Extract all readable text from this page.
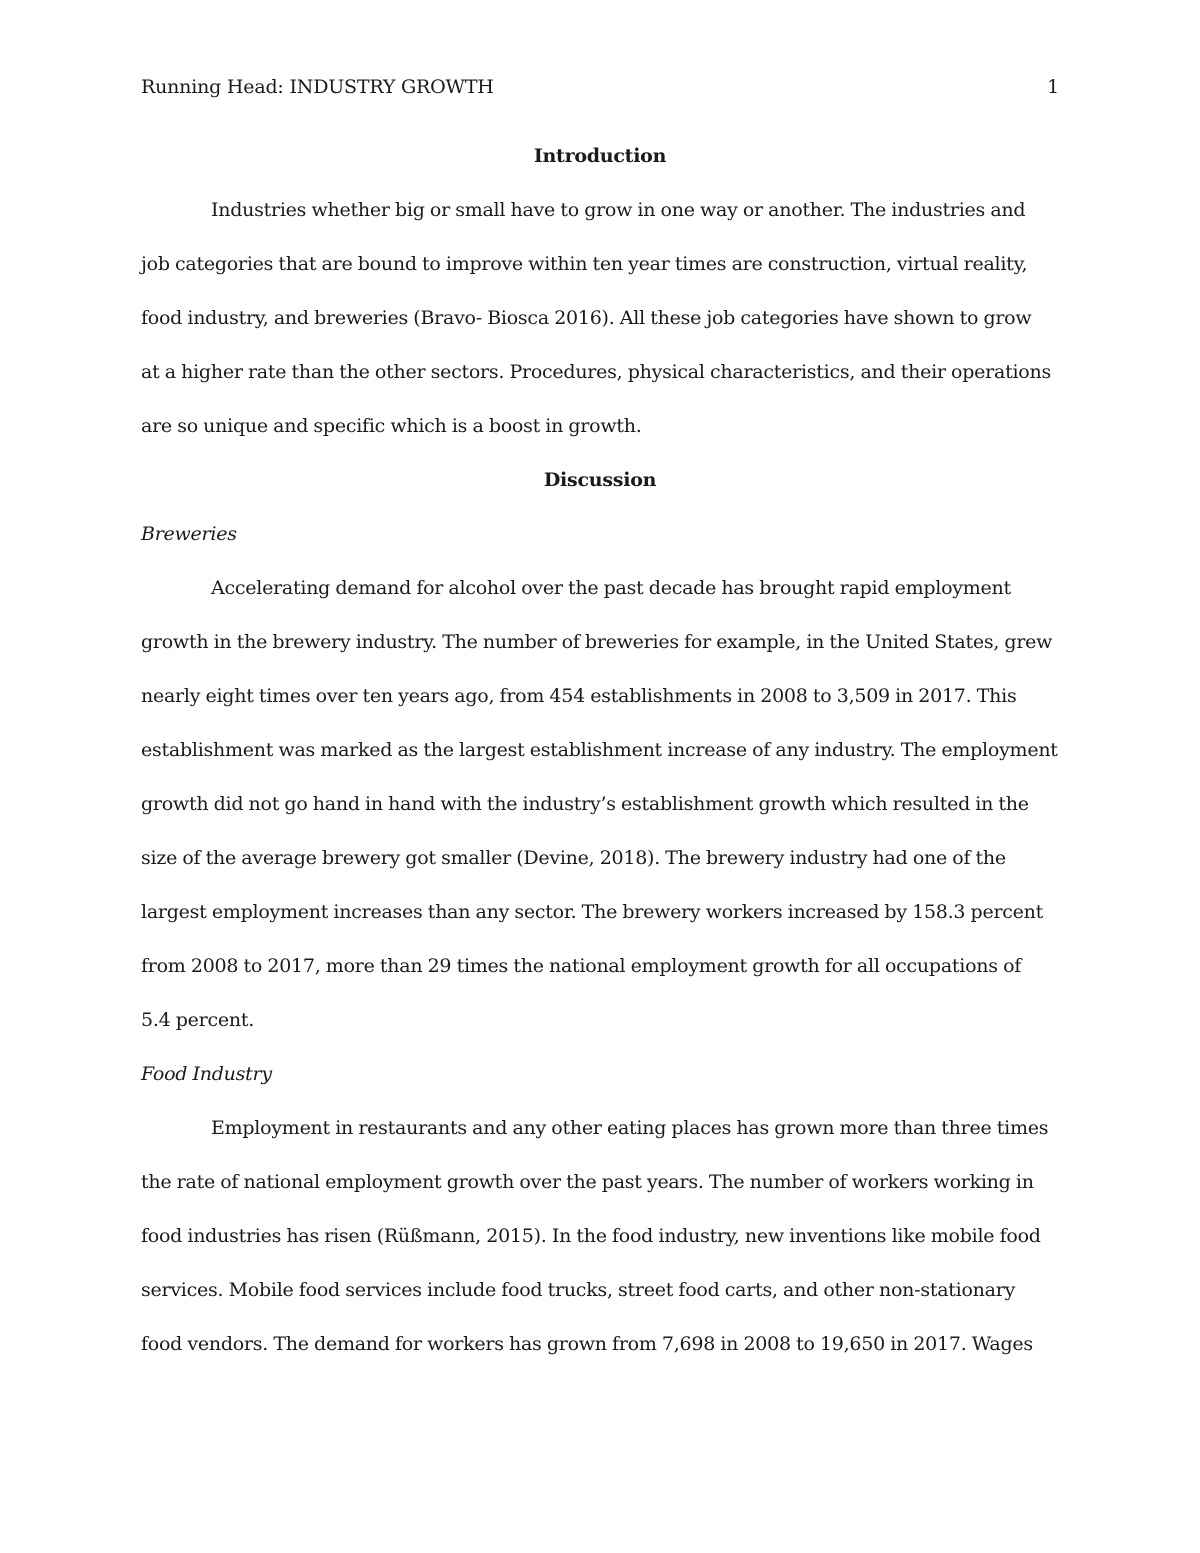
Running Head: INDUSTRY GROWTH	1
Introduction
Industries whether big or small have to grow in one way or another. The industries and
job categories that are bound to improve within ten year times are construction, virtual reality,
food industry, and breweries (Bravo- Biosca 2016). All these job categories have shown to grow
at a higher rate than the other sectors. Procedures, physical characteristics, and their operations
are so unique and specific which is a boost in growth.
Discussion
Breweries
Accelerating demand for alcohol over the past decade has brought rapid employment
growth in the brewery industry. The number of breweries for example, in the United States, grew
nearly eight times over ten years ago, from 454 establishments in 2008 to 3,509 in 2017. This
establishment was marked as the largest establishment increase of any industry. The employment
growth did not go hand in hand with the industry’s establishment growth which resulted in the
size of the average brewery got smaller (Devine, 2018). The brewery industry had one of the
largest employment increases than any sector. The brewery workers increased by 158.3 percent
from 2008 to 2017, more than 29 times the national employment growth for all occupations of
5.4 percent.
Food Industry
Employment in restaurants and any other eating places has grown more than three times
the rate of national employment growth over the past years. The number of workers working in
food industries has risen (Rüßmann, 2015). In the food industry, new inventions like mobile food
services. Mobile food services include food trucks, street food carts, and other non-stationary
food vendors. The demand for workers has grown from 7,698 in 2008 to 19,650 in 2017. Wages
